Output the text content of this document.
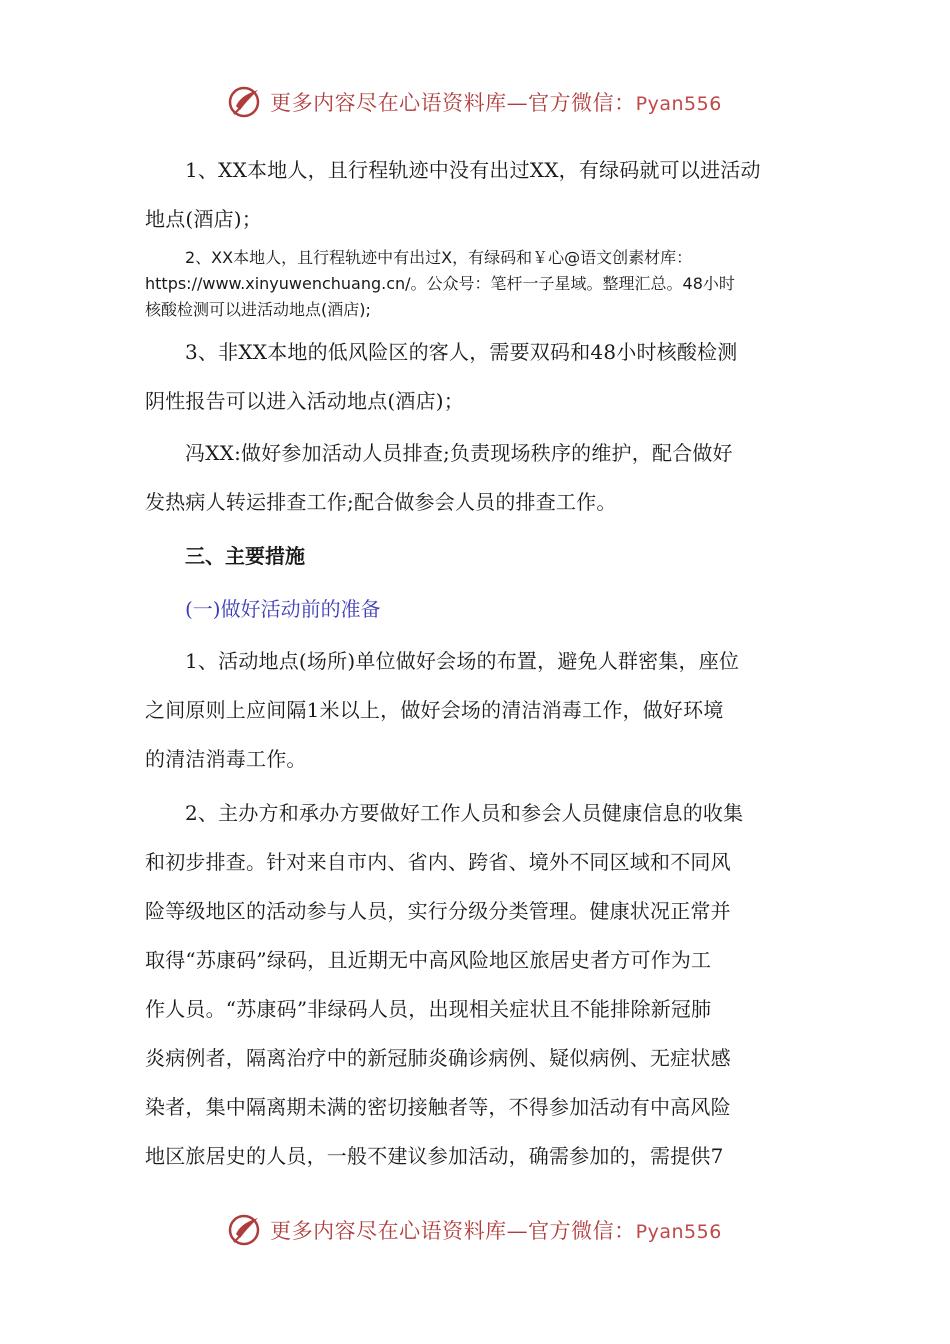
更多内容尽在心语资料库—官方微信：Pyan556
1、XX本地人，且行程轨迹中没有出过XX，有绿码就可以进活动
地点(酒店)；
2、XX本地人，且行程轨迹中有出过X，有绿码和￥心@语文创素材库：
https://www.xinyuwenchuang.cn/。公众号：笔杆一子星域。整理汇总。48小时
核酸检测可以进活动地点(酒店);
3、非XX本地的低风险区的客人，需要双码和48小时核酸检测
阴性报告可以进入活动地点(酒店)；
冯XX:做好参加活动人员排查;负责现场秩序的维护，配合做好
发热病人转运排查工作;配合做参会人员的排查工作。
三、主要措施
(一)做好活动前的准备
1、活动地点(场所)单位做好会场的布置，避免人群密集，座位
之间原则上应间隔1米以上，做好会场的清洁消毒工作，做好环境
的清洁消毒工作。
2、主办方和承办方要做好工作人员和参会人员健康信息的收集
和初步排查。针对来自市内、省内、跨省、境外不同区域和不同风
险等级地区的活动参与人员，实行分级分类管理。健康状况正常并
取得“苏康码”绿码，且近期无中高风险地区旅居史者方可作为工
作人员。“苏康码”非绿码人员，出现相关症状且不能排除新冠肺
炎病例者，隔离治疗中的新冠肺炎确诊病例、疑似病例、无症状感
染者，集中隔离期未满的密切接触者等，不得参加活动有中高风险
地区旅居史的人员，一般不建议参加活动，确需参加的，需提供7
更多内容尽在心语资料库—官方微信：Pyan556
